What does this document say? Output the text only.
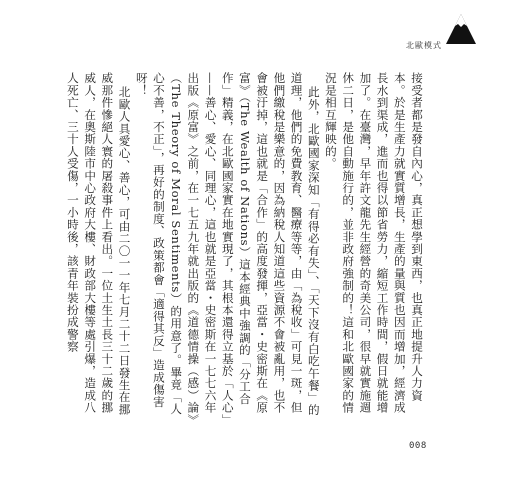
北歐模式

接受者都是發自內心，真正想學到東西，也真正地提升人力資本。於是生產力就實質增長，生產的量與質也因而增加，經濟成長水到渠成，進而也得以節省勞力，縮短工作時間，假日就能增加了。在臺灣，早年許文龍先生經營的奇美公司，很早就實施週休二日，是他自動施行的，並非政府強制的！這和北歐國家的情況是相互輝映的。

此外，北歐國家深知「有得必有失」、「天下沒有白吃午餐」的道理，他們的免費教育、醫療等等，由「為稅收」可見一斑，但他們繳稅是樂意的，因為納稅人知道這些資源不會被亂用，也不會被汙掉，這也就是「合作」的高度發揮，亞當・史密斯在《原富》（The Wealth of Nations）這本經典中強調的「分工合作」精義，在北歐國家實在地實現了，其根本還得立基於「人心」——善心、愛心、同理心，這也就是亞當・史密斯在一七七六年出版《原富》之前，在一七五九年就出版的《道德情操（感）論》（The Theory of Moral Sentiments）的用意了。畢竟「人心不善，不正」，再好的制度、政策都會「適得其反」造成傷害呀！

北歐人具愛心、善心，可由二〇一一年七月二十二日發生在挪威那件慘絕人寰的屠殺事件上看出。一位土生土長三十二歲的挪威人，在奧斯陸市中心政府大樓、財政部大樓等處引爆，造成八人死亡、三十人受傷，一小時後，該青年裝扮成警察

008
